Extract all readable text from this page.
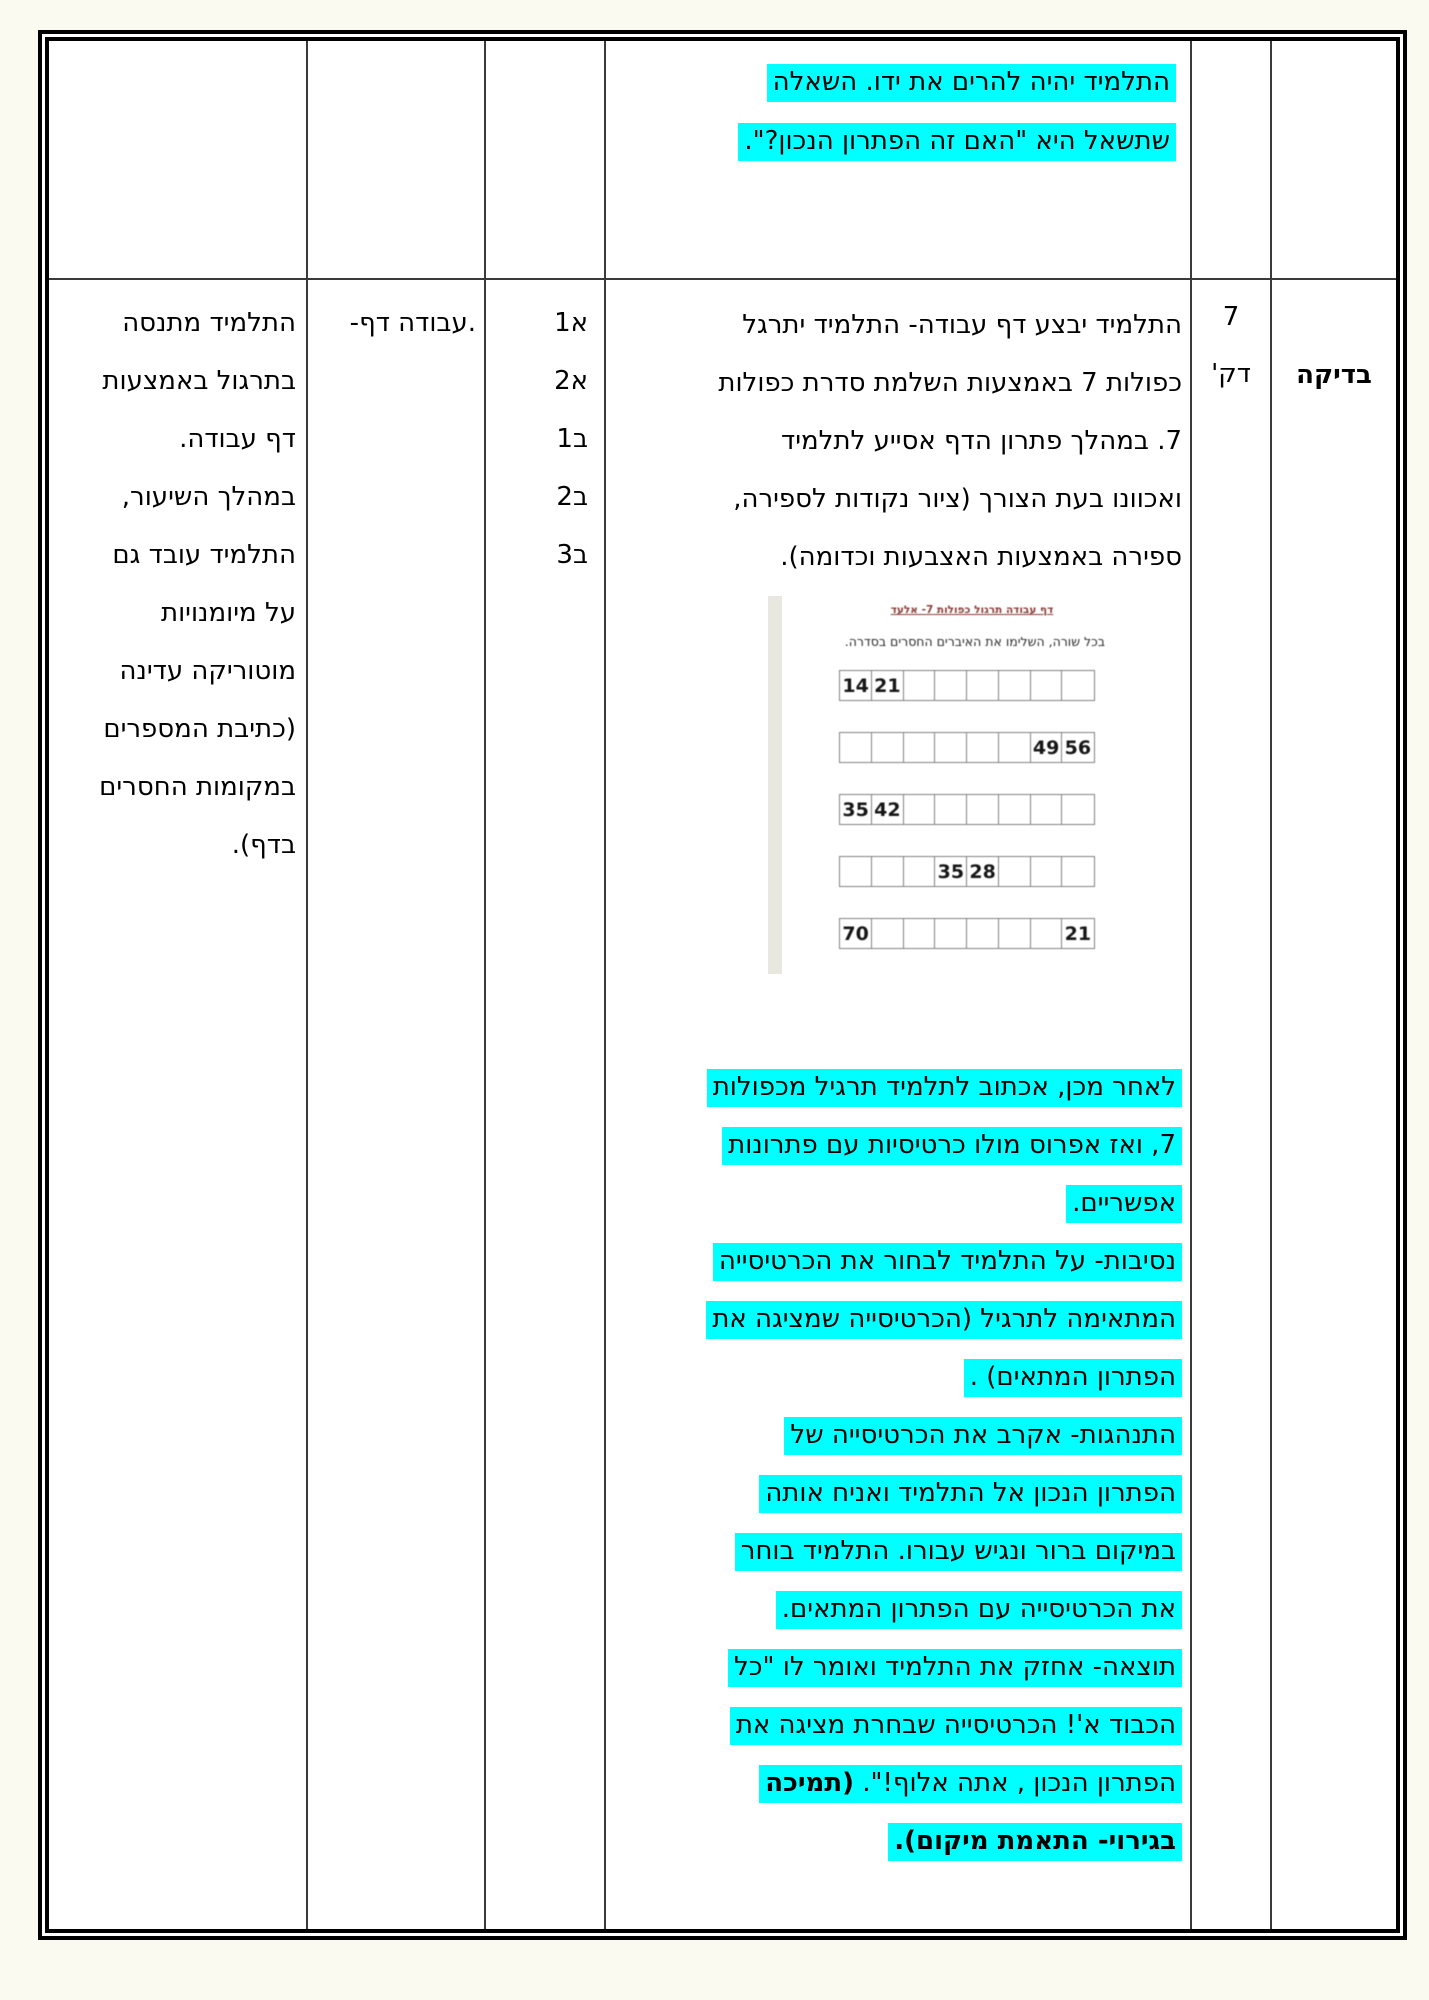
התלמיד יהיה להרים את ידו. השאלה
שתשאל היא "האם זה הפתרון הנכון?".
בדיקה
7
דק'
התלמיד יבצע דף עבודה- התלמיד יתרגל
כפולות 7 באמצעות השלמת סדרת כפולות
7. במהלך פתרון הדף אסייע לתלמיד
ואכוונו בעת הצורך (ציור נקודות לספירה,
ספירה באמצעות האצבעות וכדומה).
דף עבודה תרגול כפולות 7- אלעד
בכל שורה, השלימו את האיברים החסרים בסדרה.
14 21
49 56
35 42
35 28
70	21
לאחר מכן, אכתוב לתלמיד תרגיל מכפולות
7, ואז אפרוס מולו כרטיסיות עם פתרונות
אפשריים.
נסיבות- על התלמיד לבחור את הכרטיסייה
המתאימה לתרגיל (הכרטיסייה שמציגה את
הפתרון המתאים) .
התנהגות- אקרב את הכרטיסייה של
הפתרון הנכון אל התלמיד ואניח אותה
במיקום ברור ונגיש עבורו. התלמיד בוחר
את הכרטיסייה עם הפתרון המתאים.
תוצאה- אחזק את התלמיד ואומר לו "כל
הכבוד א'! הכרטיסייה שבחרת מציגה את
הפתרון הנכון , אתה אלוף!". (תמיכה
בגירוי- התאמת מיקום).
א1
א2
ב1
ב2
ב3
-דף עבודה.
התלמיד מתנסה
בתרגול באמצעות
דף עבודה.
במהלך השיעור,
התלמיד עובד גם
על מיומנויות
מוטוריקה עדינה
(כתיבת המספרים
במקומות החסרים
בדף).
